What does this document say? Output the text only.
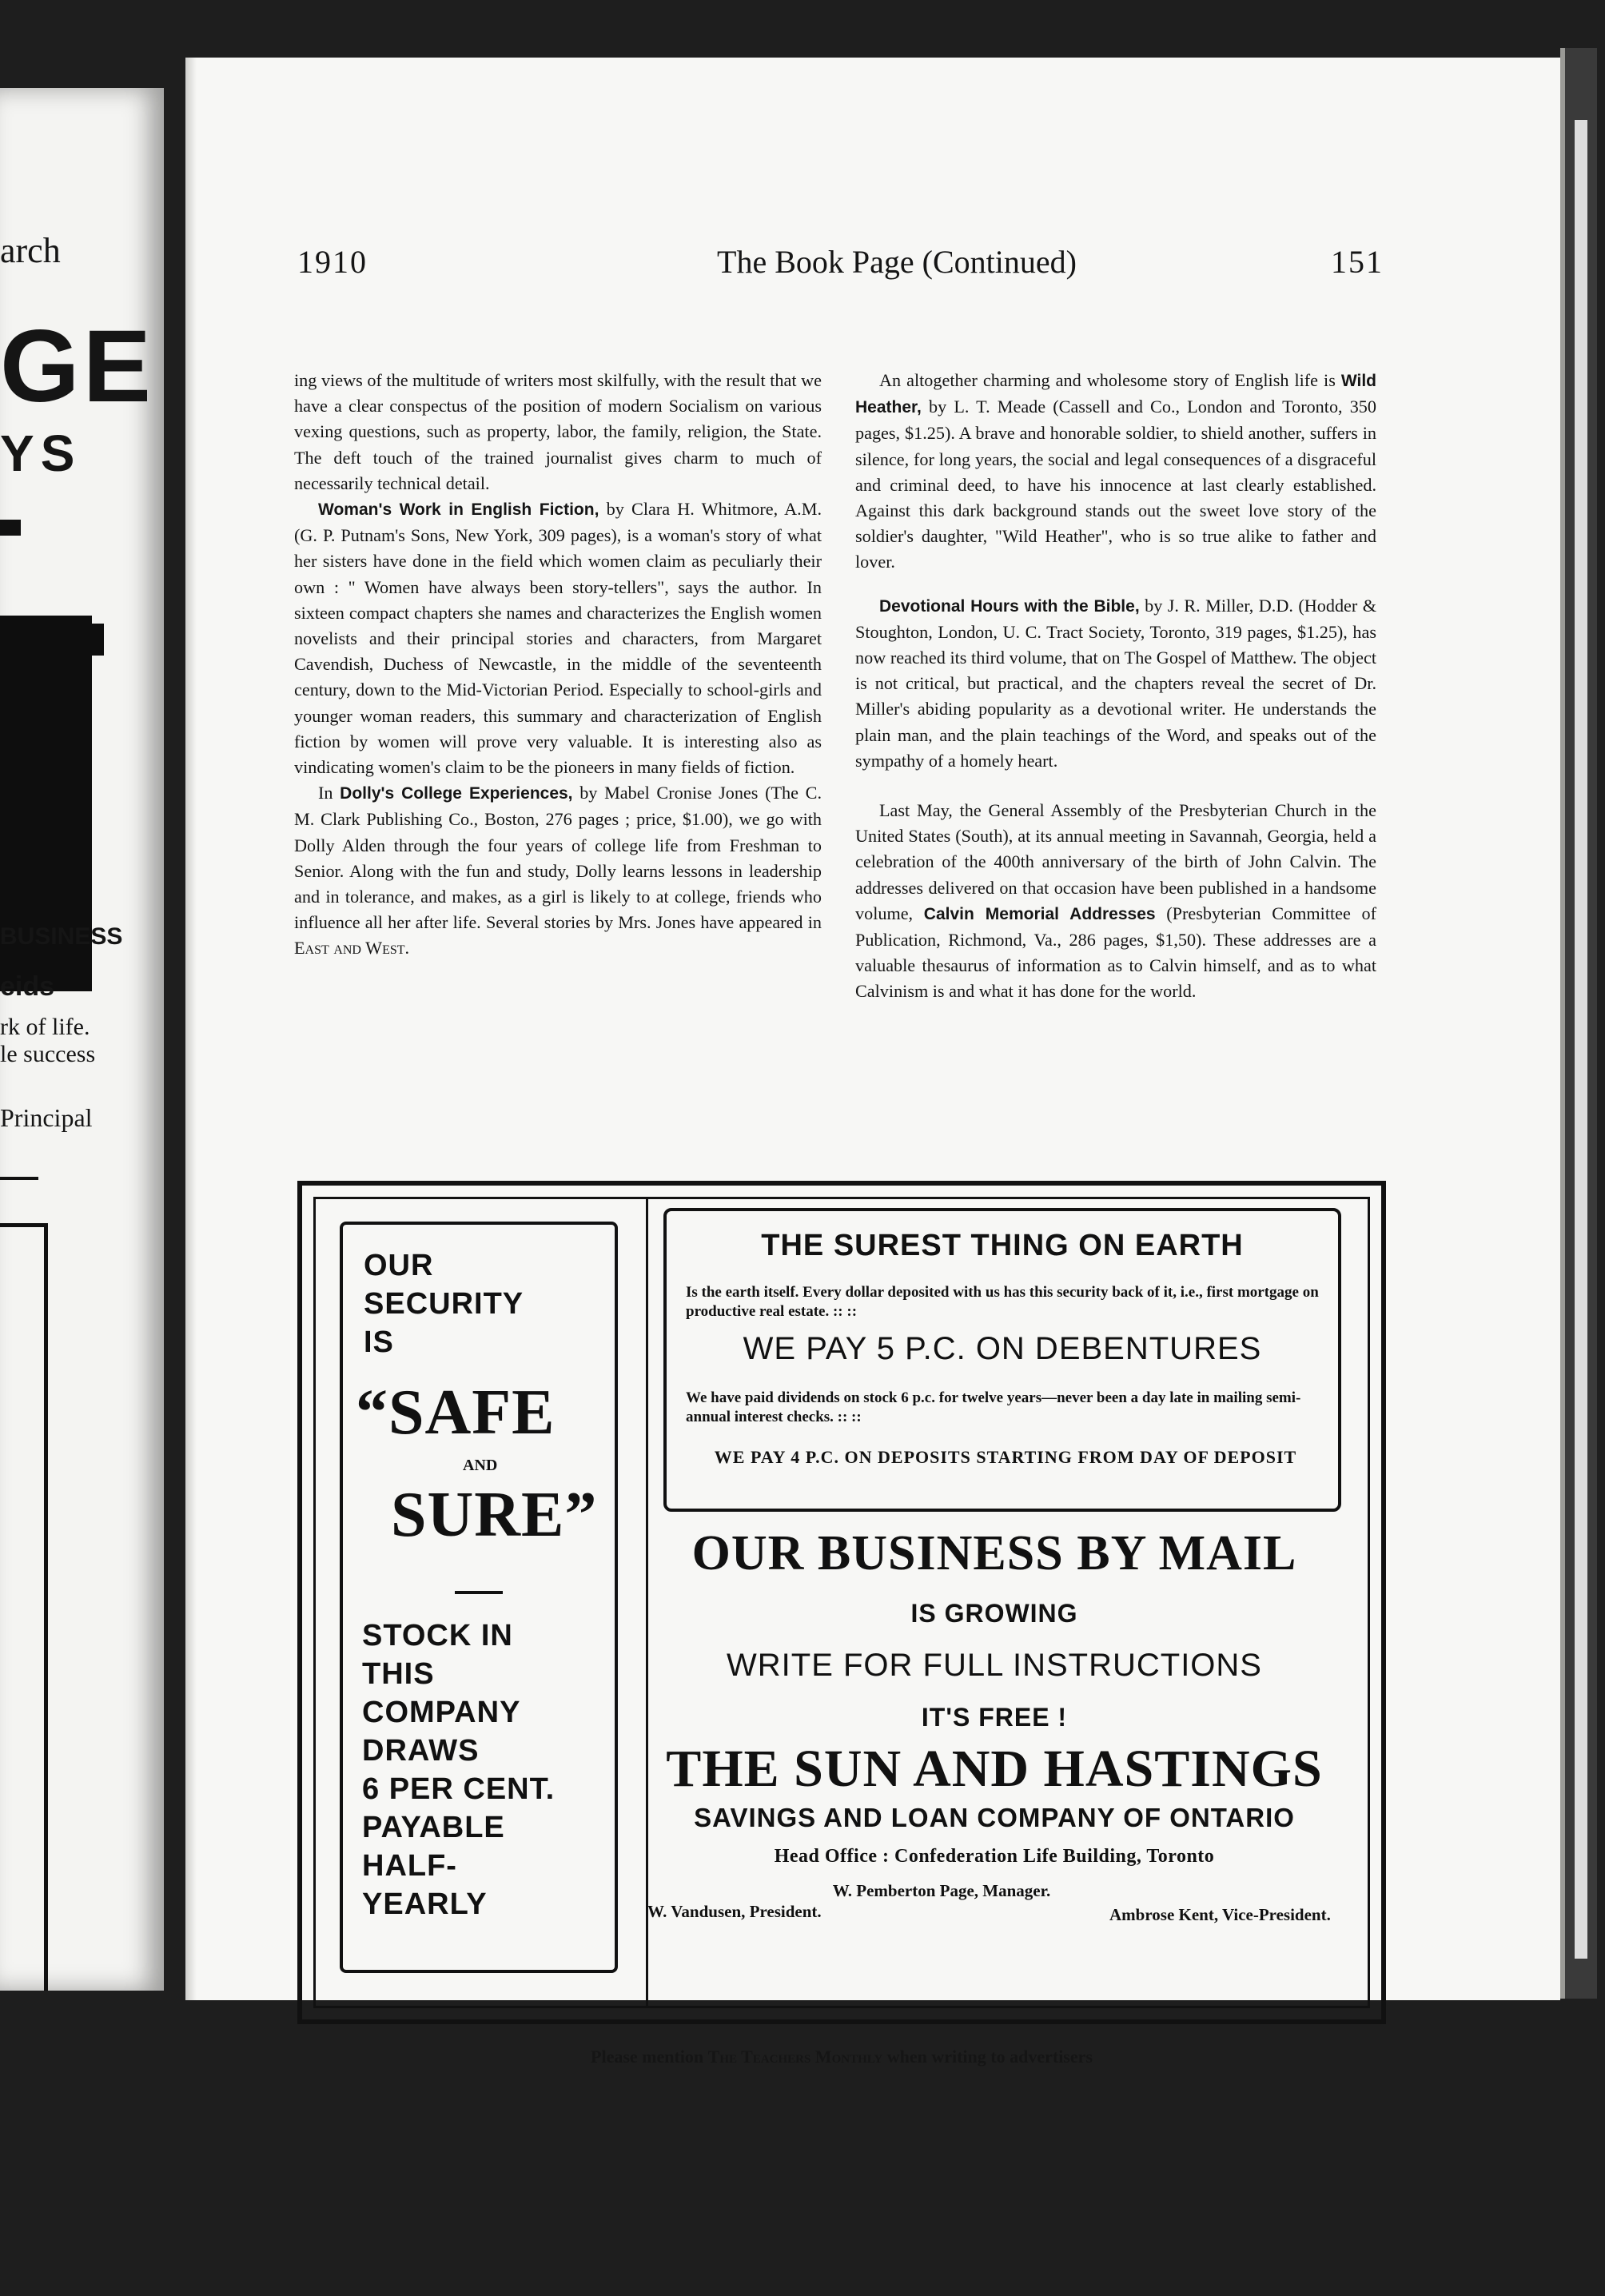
arch
GE
YS
BUSINESS
eids
rk of life.
le success
Principal
1910	The Book Page (Continued)	151

ing views of the multitude of writers most skilfully, with the result that we have a clear conspectus of the position of modern Socialism on various vexing questions, such as property, labor, the family, religion, the State. The deft touch of the trained journalist gives charm to much of necessarily technical detail.

Woman's Work in English Fiction, by Clara H. Whitmore, A.M. (G. P. Putnam's Sons, New York, 309 pages), is a woman's story of what her sisters have done in the field which women claim as peculiarly their own : " Women have always been story-tellers", says the author. In sixteen compact chapters she names and characterizes the English women novelists and their principal stories and characters, from Margaret Cavendish, Duchess of Newcastle, in the middle of the seventeenth century, down to the Mid-Victorian Period. Especially to school-girls and younger woman readers, this summary and characterization of English fiction by women will prove very valuable. It is interesting also as vindicating women's claim to be the pioneers in many fields of fiction.

In Dolly's College Experiences, by Mabel Cronise Jones (The C. M. Clark Publishing Co., Boston, 276 pages ; price, $1.00), we go with Dolly Alden through the four years of college life from Freshman to Senior. Along with the fun and study, Dolly learns lessons in leadership and in tolerance, and makes, as a girl is likely to at college, friends who influence all her after life. Several stories by Mrs. Jones have appeared in East and West.

An altogether charming and wholesome story of English life is Wild Heather, by L. T. Meade (Cassell and Co., London and Toronto, 350 pages, $1.25). A brave and honorable soldier, to shield another, suffers in silence, for long years, the social and legal consequences of a disgraceful and criminal deed, to have his innocence at last clearly established. Against this dark background stands out the sweet love story of the soldier's daughter, "Wild Heather", who is so true alike to father and lover.

Devotional Hours with the Bible, by J. R. Miller, D.D. (Hodder & Stoughton, London, U. C. Tract Society, Toronto, 319 pages, $1.25), has now reached its third volume, that on The Gospel of Matthew. The object is not critical, but practical, and the chapters reveal the secret of Dr. Miller's abiding popularity as a devotional writer. He understands the plain man, and the plain teachings of the Word, and speaks out of the sympathy of a homely heart.

Last May, the General Assembly of the Presbyterian Church in the United States (South), at its annual meeting in Savannah, Georgia, held a celebration of the 400th anniversary of the birth of John Calvin. The addresses delivered on that occasion have been published in a handsome volume, Calvin Memorial Addresses (Presbyterian Committee of Publication, Richmond, Va., 286 pages, $1,50). These addresses are a valuable thesaurus of information as to Calvin himself, and as to what Calvinism is and what it has done for the world.

OUR
SECURITY
IS
“SAFE
AND
SURE”
STOCK IN
THIS
COMPANY
DRAWS
6 PER CENT.
PAYABLE
HALF-
YEARLY
THE SUREST THING ON EARTH
Is the earth itself. Every dollar deposited with us has this security back of it, i.e., first mortgage on productive real estate. :: ::
WE PAY 5 P.C. ON DEBENTURES
We have paid dividends on stock 6 p.c. for twelve years—never been a day late in mailing semi-annual interest checks. :: ::
WE PAY 4 P.C. ON DEPOSITS STARTING FROM DAY OF DEPOSIT
OUR BUSINESS BY MAIL
IS GROWING
WRITE FOR FULL INSTRUCTIONS
IT'S FREE !
THE SUN AND HASTINGS
SAVINGS AND LOAN COMPANY OF ONTARIO
Head Office : Confederation Life Building, Toronto
W. Pemberton Page, Manager.
W. Vandusen, President.	Ambrose Kent, Vice-President.
Please mention The Teachers Monthly when writing to advertisers
